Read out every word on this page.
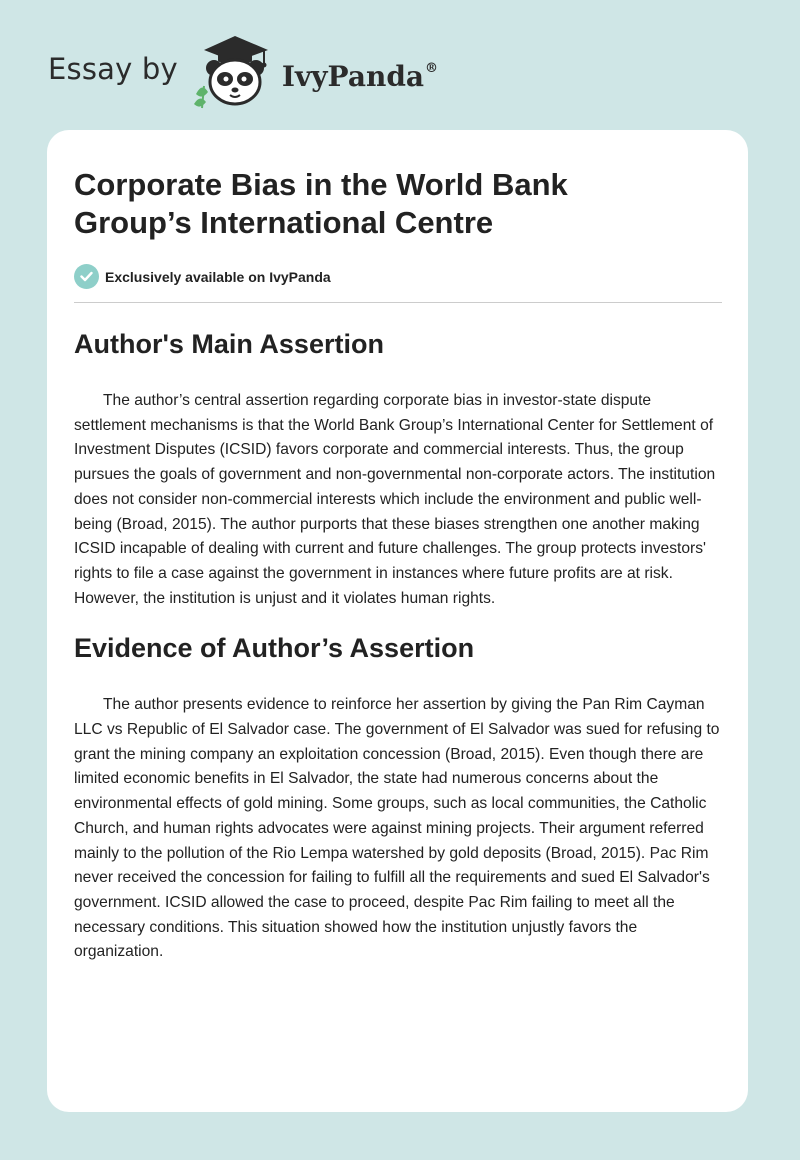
Essay by	IvyPanda®
Corporate Bias in the World Bank Group’s International Centre
Exclusively available on IvyPanda
Author's Main Assertion

The author’s central assertion regarding corporate bias in investor-state dispute settlement mechanisms is that the World Bank Group’s International Center for Settlement of Investment Disputes (ICSID) favors corporate and commercial interests. Thus, the group pursues the goals of government and non-governmental non-corporate actors. The institution does not consider non-commercial interests which include the environment and public well-being (Broad, 2015). The author purports that these biases strengthen one another making ICSID incapable of dealing with current and future challenges. The group protects investors' rights to file a case against the government in instances where future profits are at risk. However, the institution is unjust and it violates human rights.

Evidence of Author’s Assertion

The author presents evidence to reinforce her assertion by giving the Pan Rim Cayman LLC vs Republic of El Salvador case. The government of El Salvador was sued for refusing to grant the mining company an exploitation concession (Broad, 2015). Even though there are limited economic benefits in El Salvador, the state had numerous concerns about the environmental effects of gold mining. Some groups, such as local communities, the Catholic Church, and human rights advocates were against mining projects. Their argument referred mainly to the pollution of the Rio Lempa watershed by gold deposits (Broad, 2015). Pac Rim never received the concession for failing to fulfill all the requirements and sued El Salvador's government. ICSID allowed the case to proceed, despite Pac Rim failing to meet all the necessary conditions. This situation showed how the institution unjustly favors the organization.
